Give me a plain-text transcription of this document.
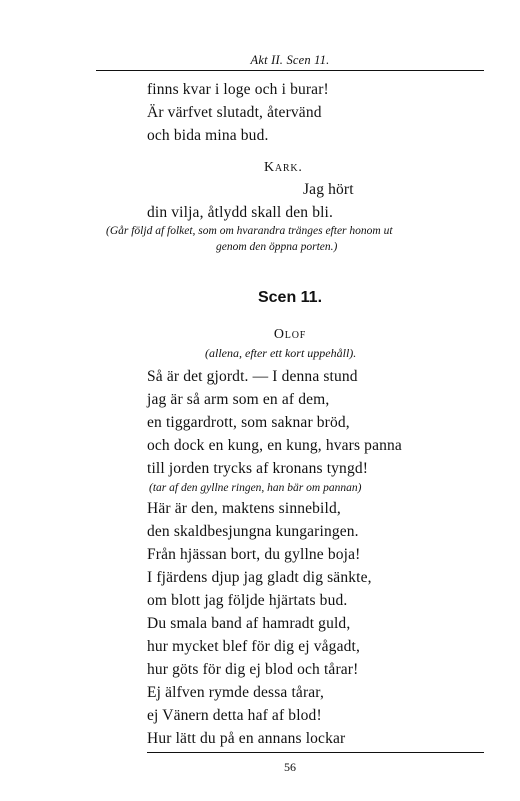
Akt II. Scen 11.
finns kvar i loge och i burar!
Är värfvet slutadt, återvänd
och bida mina bud.
Kark.
Jag hört
din vilja, åtlydd skall den bli.
(Går följd af folket, som om hvarandra tränges efter honom ut
genom den öppna porten.)
Scen 11.
Olof
(allena, efter ett kort uppehåll).
Så är det gjordt. — I denna stund
jag är så arm som en af dem,
en tiggardrott, som saknar bröd,
och dock en kung, en kung, hvars panna
till jorden trycks af kronans tyngd!
(tar af den gyllne ringen, han bär om pannan)
Här är den, maktens sinnebild,
den skaldbesjungna kungaringen.
Från hjässan bort, du gyllne boja!
I fjärdens djup jag gladt dig sänkte,
om blott jag följde hjärtats bud.
Du smala band af hamradt guld,
hur mycket blef för dig ej vågadt,
hur göts för dig ej blod och tårar!
Ej älfven rymde dessa tårar,
ej Vänern detta haf af blod!
Hur lätt du på en annans lockar
56
